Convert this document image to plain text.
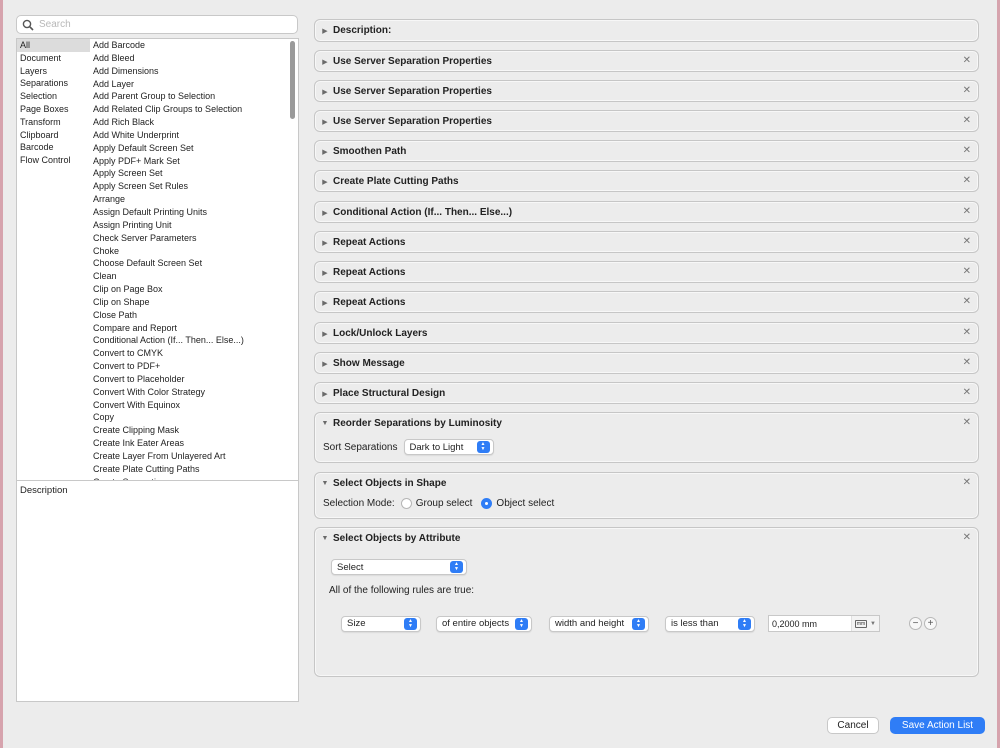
Search
All
Document
Layers
Separations
Selection
Page Boxes
Transform
Clipboard
Barcode
Flow Control
Add Barcode
Add Bleed
Add Dimensions
Add Layer
Add Parent Group to Selection
Add Related Clip Groups to Selection
Add Rich Black
Add White Underprint
Apply Default Screen Set
Apply PDF+ Mark Set
Apply Screen Set
Apply Screen Set Rules
Arrange
Assign Default Printing Units
Assign Printing Unit
Check Server Parameters
Choke
Choose Default Screen Set
Clean
Clip on Page Box
Clip on Shape
Close Path
Compare and Report
Conditional Action (If... Then... Else...)
Convert to CMYK
Convert to PDF+
Convert to Placeholder
Convert With Color Strategy
Convert With Equinox
Copy
Create Clipping Mask
Create Ink Eater Areas
Create Layer From Unlayered Art
Create Plate Cutting Paths
Description
▶ Description:
▶ Use Server Separation Properties	✕
▶ Use Server Separation Properties	✕
▶ Use Server Separation Properties	✕
▶ Smoothen Path	✕
▶ Create Plate Cutting Paths	✕
▶ Conditional Action (If... Then... Else...)	✕
▶ Repeat Actions	✕
▶ Repeat Actions	✕
▶ Repeat Actions	✕
▶ Lock/Unlock Layers	✕
▶ Show Message	✕
▶ Place Structural Design	✕
▼ Reorder Separations by Luminosity	✕
Sort Separations Dark to Light	▲
▼
▼ Select Objects in Shape	✕
Selection Mode: Group select Object select
▼ Select Objects by Attribute	✕
Select	▲
▼
All of the following rules are true:
Size	▲
▼	of entire objects	▲
▼	width and height	▲
▼	is less than	▲
▼	0,2000 mm	mm ▼	− +
Cancel	Save Action List
